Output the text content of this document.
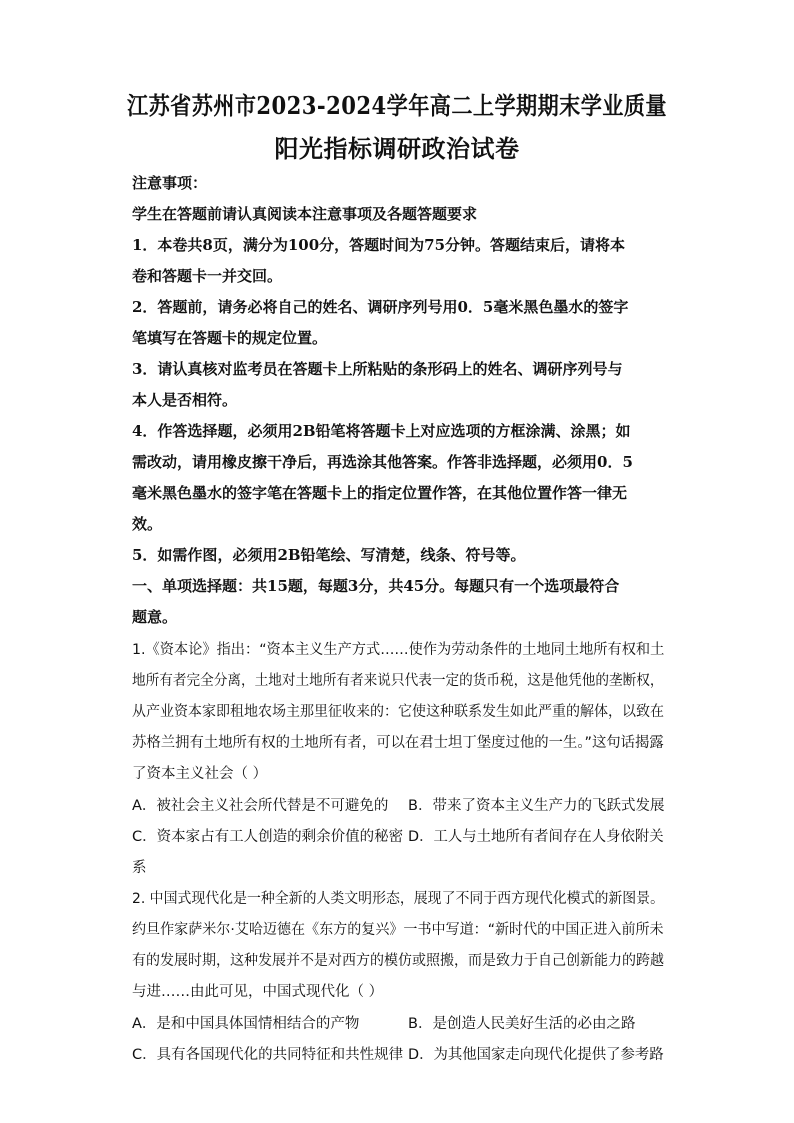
江苏省苏州市2023-2024学年高二上学期期末学业质量
阳光指标调研政治试卷
注意事项：
学生在答题前请认真阅读本注意事项及各题答题要求
1．本卷共8页，满分为100分，答题时间为75分钟。答题结束后，请将本
卷和答题卡一并交回。
2．答题前，请务必将自己的姓名、调研序列号用0．5毫米黑色墨水的签字
笔填写在答题卡的规定位置。
3．请认真核对监考员在答题卡上所粘贴的条形码上的姓名、调研序列号与
本人是否相符。
4．作答选择题，必须用2B铅笔将答题卡上对应选项的方框涂满、涂黑；如
需改动，请用橡皮擦干净后，再选涂其他答案。作答非选择题，必须用0．5
毫米黑色墨水的签字笔在答题卡上的指定位置作答，在其他位置作答一律无
效。
5．如需作图，必须用2B铅笔绘、写清楚，线条、符号等。
一、单项选择题：共15题，每题3分，共45分。每题只有一个选项最符合
题意。
1.《资本论》指出：“资本主义生产方式……使作为劳动条件的土地同土地所有权和土
地所有者完全分离，土地对土地所有者来说只代表一定的货币税，这是他凭他的垄断权，
从产业资本家即租地农场主那里征收来的：它使这种联系发生如此严重的解体，以致在
苏格兰拥有土地所有权的土地所有者，可以在君士坦丁堡度过他的一生。”这句话揭露
了资本主义社会（ ）
A．被社会主义社会所代替是不可避免的 B．带来了资本主义生产力的飞跃式发展
C．资本家占有工人创造的剩余价值的秘密 D．工人与土地所有者间存在人身依附关
系
2. 中国式现代化是一种全新的人类文明形态，展现了不同于西方现代化模式的新图景。
约旦作家萨米尔·艾哈迈德在《东方的复兴》一书中写道：“新时代的中国正进入前所未
有的发展时期，这种发展并不是对西方的模仿或照搬，而是致力于自己创新能力的跨越
与进……由此可见，中国式现代化（ ）
A．是和中国具体国情相结合的产物	B．是创造人民美好生活的必由之路
C．具有各国现代化的共同特征和共性规律 D．为其他国家走向现代化提供了参考路
